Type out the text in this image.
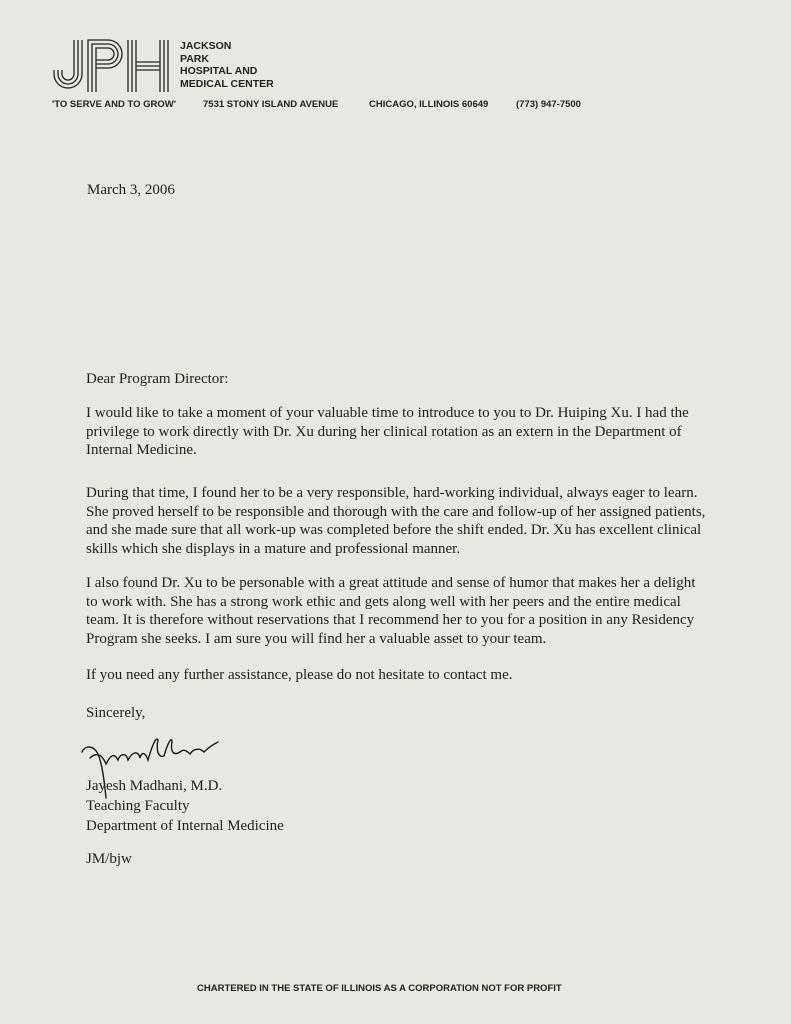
JACKSON
PARK
HOSPITAL AND
MEDICAL CENTER
'TO SERVE AND TO GROW'	7531 STONY ISLAND AVENUE	CHICAGO, ILLINOIS 60649	(773) 947-7500
March 3, 2006
Dear Program Director:
I would like to take a moment of your valuable time to introduce to you to Dr. Huiping Xu. I had the privilege to work directly with Dr. Xu during her clinical rotation as an extern in the Department of Internal Medicine.
During that time, I found her to be a very responsible, hard-working individual, always eager to learn. She proved herself to be responsible and thorough with the care and follow-up of her assigned patients, and she made sure that all work-up was completed before the shift ended. Dr. Xu has excellent clinical skills which she displays in a mature and professional manner.
I also found Dr. Xu to be personable with a great attitude and sense of humor that makes her a delight to work with. She has a strong work ethic and gets along well with her peers and the entire medical team. It is therefore without reservations that I recommend her to you for a position in any Residency Program she seeks. I am sure you will find her a valuable asset to your team.
If you need any further assistance, please do not hesitate to contact me.
Sincerely,
Jayesh Madhani, M.D.
Teaching Faculty
Department of Internal Medicine
JM/bjw
CHARTERED IN THE STATE OF ILLINOIS AS A CORPORATION NOT FOR PROFIT
